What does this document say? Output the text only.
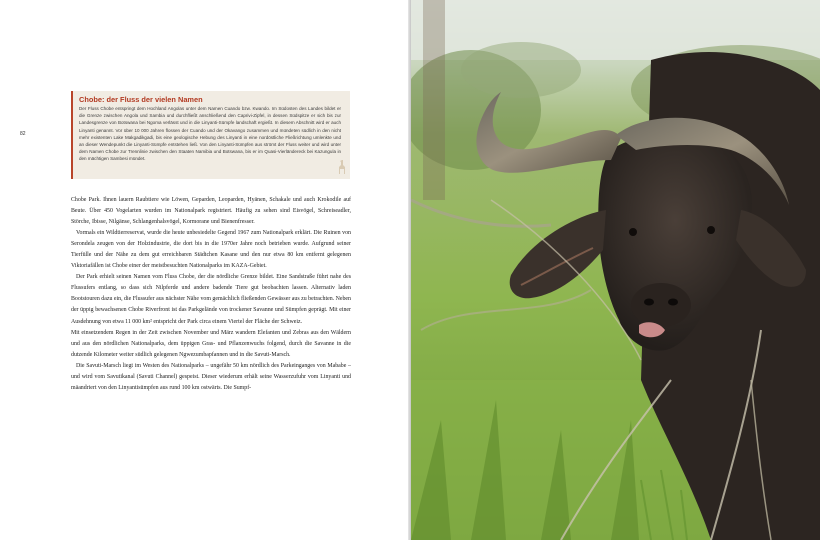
82
Chobe: der Fluss der vielen Namen
Der Fluss Chobe entspringt dem Hochland Angolas unter dem Namen Cuando bzw. Kwando. Im Südosten des Landes bildet er die Grenze zwischen Angola und Sambia und durchfließt anschließend den Caprivi-Zipfel, in dessen Südspitze er sich bis zur Landesgrenze von Botswana bei Ngoma verlässt und in die Linyanti-Sümpfe landschaft ergießt. In diesem Abschnitt wird er auch Linyanti genannt. Vor über 10 000 Jahren flossen der Cuando und der Okavango zusammen und mündeten südlich in den nicht mehr existenten Lake Makgadikgadi, bis eine geologische Hebung des Linyanti in eine nordöstliche Fließrichtung umlenkte und an dieser Wendepunkt die Linyanti-Sümpfe entstehen ließ. Von den Linyanti-Sümpfen aus strömt der Fluss weiter und wird unter dem Namen Chobe zur Trennlinie zwischen den Staaten Namibia und Botswana, bis er im Quasi-Vierländereck bei Kazungula in den mächtigen Sambesi mündet.

Chobe Park. Ihnen lauern Raubtiere wie Löwen, Geparden, Leoparden, Hyänen, Schakale und auch Krokodile auf Beute. Über 450 Vogelarten wurden im Nationalpark registriert. Häufig zu sehen sind Eisvögel, Schreiseadler, Störche, Ibisse, Nilgänse, Schlangenhalsvögel, Kormorane und Bienenfresser.

Vormals ein Wildtierreservat, wurde die heute unbesiedelte Gegend 1967 zum Nationalpark erklärt. Die Ruinen von Serondela zeugen von der Holzindustrie, die dort bis in die 1970er Jahre noch betrieben wurde. Aufgrund seiner Tierfülle und der Nähe zu dem gut erreichbaren Städtchen Kasane und den nur etwa 80 km entfernt gelegenen Viktoriafällen ist Chobe einer der meistbesuchten Nationalparks im KAZA-Gebiet.

Der Park erhielt seinen Namen vom Fluss Chobe, der die nördliche Grenze bildet. Eine Sandstraße führt nahe des Flussufers entlang, so dass sich Nilpferde und andere badende Tiere gut beobachten lassen. Alternativ laden Bootstouren dazu ein, die Flussufer aus nächster Nähe vom gemächlich fließenden Gewässer aus zu betrachten. Neben der üppig bewachsenen Chobe Riverfront ist das Parkgelände von trockener Savanne und Sümpfen geprägt. Mit einer Ausdehnung von etwa 11 000 km² entspricht der Park circa einem Viertel der Fläche der Schweiz.

Mit einsetzendem Regen in der Zeit zwischen November und März wandern Elefanten und Zebras aus den Wäldern und aus den nördlichen Nationalparks, dem üppigen Gras- und Pflanzenwuchs folgend, durch die Savanne in die dutzende Kilometer weiter südlich gelegenen Ngwezumbapfannen und in die Savuti-Marsch.

Die Savuti-Marsch liegt im Westen des Nationalparks – ungefähr 50 km nördlich des Parkeinganges von Mababe – und wird vom Savutikanal (Savuti Channel) gespeist. Dieser wiederum erhält seine Wasserzufuhr vom Linyanti und mäandriert von den Linyantisümpfen aus rund 100 km ostwärts. Die Sumpf-
